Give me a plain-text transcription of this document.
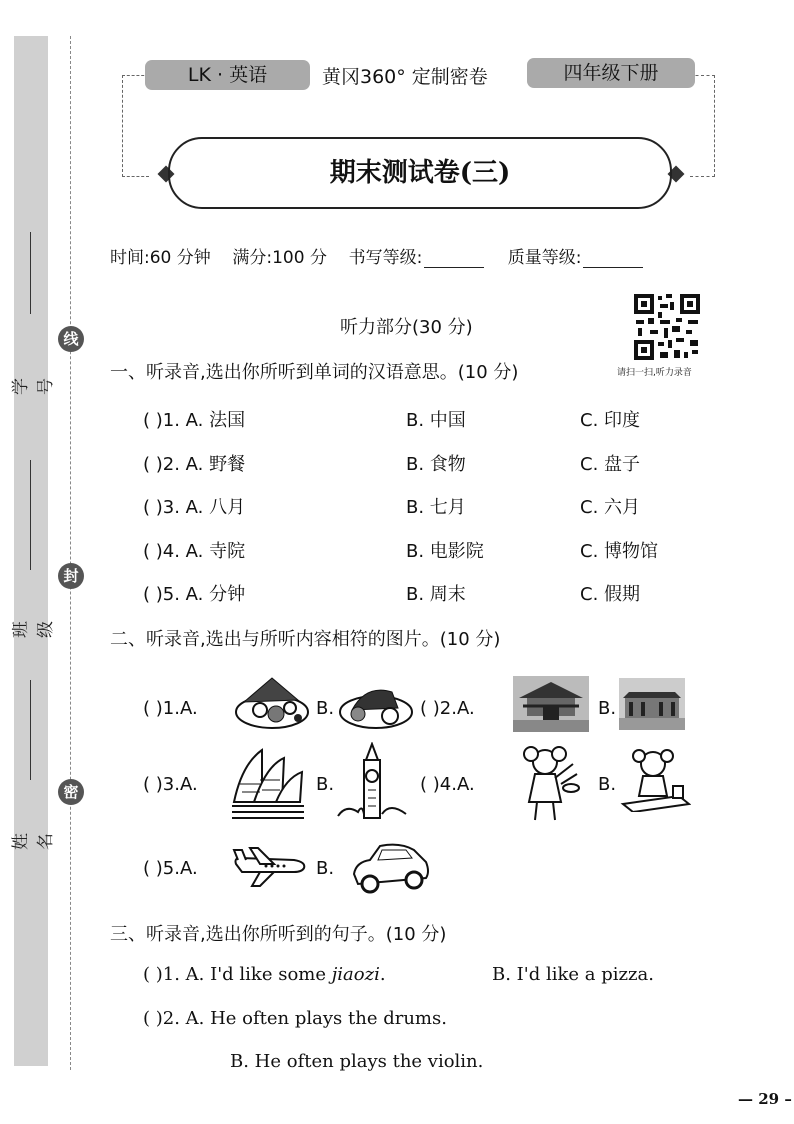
学号
线
班级
封
姓名
密
LK · 英语	黄冈360° 定制密卷	四年级下册
期末测试卷(三)
时间:60 分钟 满分:100 分 书写等级:	质量等级:
听力部分(30 分)
请扫一扫,听力录音
一、听录音,选出你所听到单词的汉语意思。(10 分)
( )1. A. 法国	B. 中国	C. 印度
( )2. A. 野餐	B. 食物	C. 盘子
( )3. A. 八月	B. 七月	C. 六月
( )4. A. 寺院	B. 电影院	C. 博物馆
( )5. A. 分钟	B. 周末	C. 假期
二、听录音,选出与所听内容相符的图片。(10 分)
( )1.A.	B.	( )2.A.	B.
( )3.A.	B.	( )4.A.	B.
( )5.A.	B.
三、听录音,选出你所听到的句子。(10 分)
( )1. A. I'd like some jiaozi.	B. I'd like a pizza.
( )2. A. He often plays the drums.
B. He often plays the violin.
— 29 –
